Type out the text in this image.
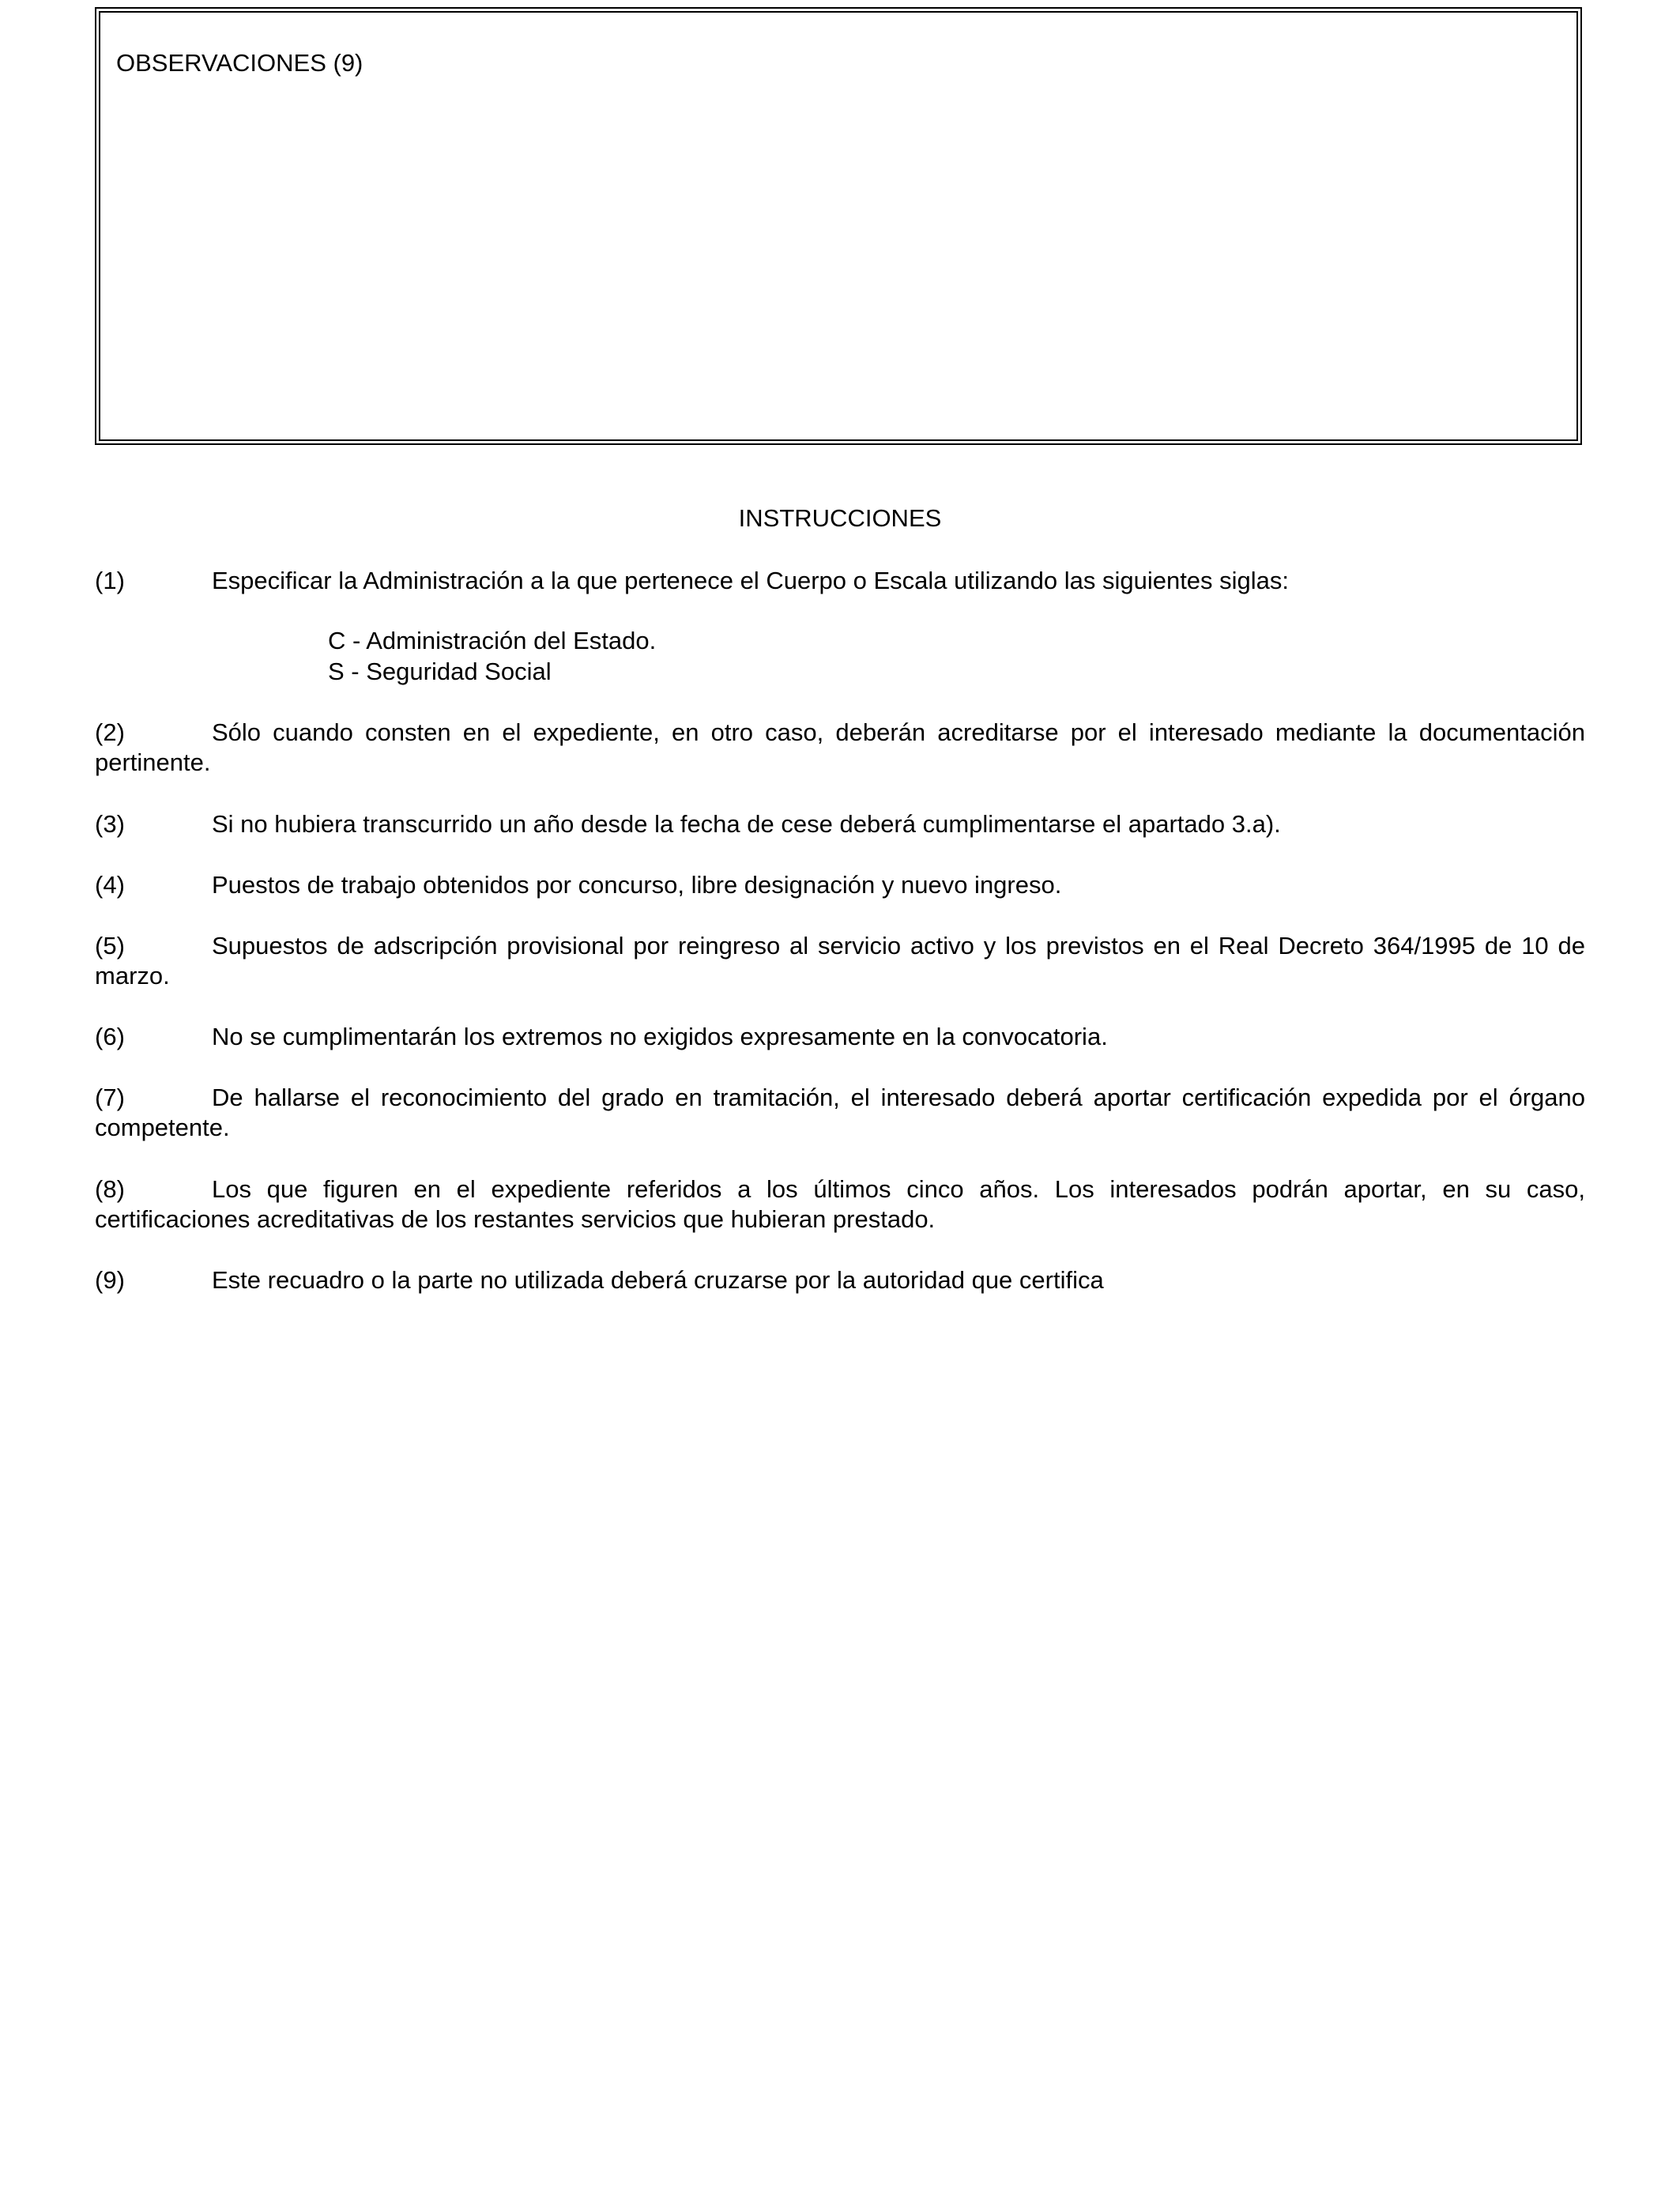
OBSERVACIONES (9)
INSTRUCCIONES
(1)	Especificar la Administración a la que pertenece el Cuerpo o Escala utilizando las siguientes siglas:
C - Administración del Estado.
S - Seguridad Social
(2)	Sólo cuando consten en el expediente, en otro caso, deberán acreditarse por el interesado mediante la documentación pertinente.
(3)	Si no hubiera transcurrido un año desde la fecha de cese deberá cumplimentarse el apartado 3.a).
(4)	Puestos de trabajo obtenidos por concurso, libre designación y nuevo ingreso.
(5)	Supuestos de adscripción provisional por reingreso al servicio activo y los previstos en el Real Decreto 364/1995 de 10 de marzo.
(6)	No se cumplimentarán los extremos no exigidos expresamente en la convocatoria.
(7)	De hallarse el reconocimiento del grado en tramitación, el interesado deberá aportar certificación expedida por el órgano competente.
(8)	Los que figuren en el expediente referidos a los últimos cinco años. Los interesados podrán aportar, en su caso, certificaciones acreditativas de los restantes servicios que hubieran prestado.
(9)	Este recuadro o la parte no utilizada deberá cruzarse por la autoridad que certifica
